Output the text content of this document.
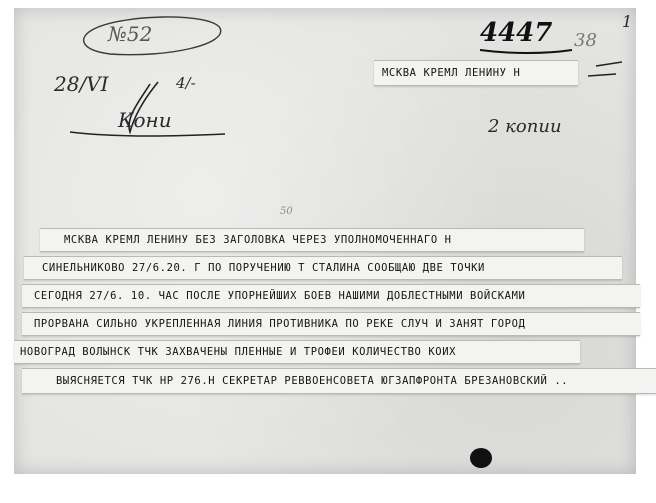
№52
28/VI	4/-
Кони
4447 38
1
2 копии
50
МСКВА КРЕМЛ ЛЕНИНУ Н
МСКВА КРЕМЛ ЛЕНИНУ БЕЗ ЗАГОЛОВКА ЧЕРЕЗ УПОЛНОМОЧЕННАГО Н
СИНЕЛЬНИКОВО 27/6.20. Г ПО ПОРУЧЕНИЮ Т СТАЛИНА СООБЩАЮ ДВЕ ТОЧКИ
СЕГОДНЯ 27/6. 10. ЧАС ПОСЛЕ УПОРНЕЙШИХ БОЕВ НАШИМИ ДОБЛЕСТНЫМИ ВОЙСКАМИ
ПРОРВАНА СИЛЬНО УКРЕПЛЕННАЯ ЛИНИЯ ПРОТИВНИКА ПО РЕКЕ СЛУЧ И ЗАНЯТ ГОРОД
НОВОГРАД ВОЛЫНСК ТЧК ЗАХВАЧЕНЫ ПЛЕННЫЕ И ТРОФЕИ КОЛИЧЕСТВО КОИХ
ВЫЯСНЯЕТСЯ ТЧК НР 276.Н СЕКРЕТАР РЕВВОЕНСОВЕТА ЮГЗАПФРОНТА БРЕЗАНОВСКИЙ ..
